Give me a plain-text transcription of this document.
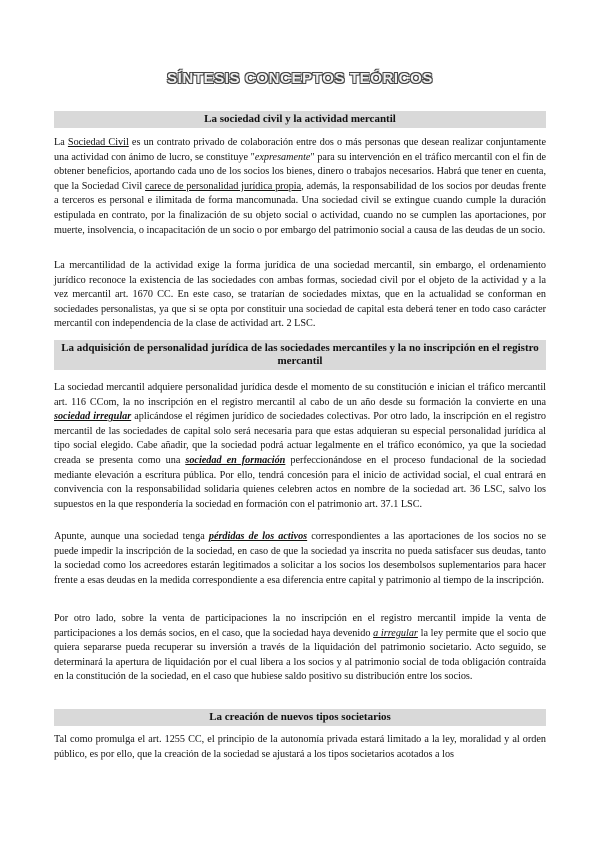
SÍNTESIS CONCEPTOS TEÓRICOS
La sociedad civil y la actividad mercantil

La Sociedad Civil es un contrato privado de colaboración entre dos o más personas que desean realizar conjuntamente una actividad con ánimo de lucro, se constituye "expresamente" para su intervención en el tráfico mercantil con el fin de obtener beneficios, aportando cada uno de los socios los bienes, dinero o trabajos necesarios. Habrá que tener en cuenta, que la Sociedad Civil carece de personalidad jurídica propia, además, la responsabilidad de los socios por deudas frente a terceros es personal e ilimitada de forma mancomunada. Una sociedad civil se extingue cuando cumple la duración estipulada en contrato, por la finalización de su objeto social o actividad, cuando no se cumplen las aportaciones, por muerte, insolvencia, o incapacitación de un socio o por embargo del patrimonio social a causa de las deudas de un socio.

La mercantilidad de la actividad exige la forma jurídica de una sociedad mercantil, sin embargo, el ordenamiento jurídico reconoce la existencia de las sociedades con ambas formas, sociedad civil por el objeto de la actividad y a la vez mercantil art. 1670 CC. En este caso, se tratarían de sociedades mixtas, que en la actualidad se conforman en sociedades personalistas, ya que si se opta por constituir una sociedad de capital esta deberá tener en todo caso carácter mercantil con independencia de la clase de actividad art. 2 LSC.

La adquisición de personalidad jurídica de las sociedades mercantiles y la no inscripción en el registro mercantil

La sociedad mercantil adquiere personalidad jurídica desde el momento de su constitución e inician el tráfico mercantil art. 116 CCom, la no inscripción en el registro mercantil al cabo de un año desde su formación la convierte en una sociedad irregular aplicándose el régimen jurídico de sociedades colectivas. Por otro lado, la inscripción en el registro mercantil de las sociedades de capital solo será necesaria para que estas adquieran su especial personalidad jurídica al tipo social elegido. Cabe añadir, que la sociedad podrá actuar legalmente en el tráfico económico, ya que la sociedad creada se presenta como una sociedad en formación perfeccionándose en el proceso fundacional de la sociedad mediante elevación a escritura pública. Por ello, tendrá concesión para el inicio de actividad social, el cual entrará en convivencia con la responsabilidad solidaria quienes celebren actos en nombre de la sociedad art. 36 LSC, salvo los supuestos en la que respondería la sociedad en formación con el patrimonio art. 37.1 LSC.

Apunte, aunque una sociedad tenga pérdidas de los activos correspondientes a las aportaciones de los socios no se puede impedir la inscripción de la sociedad, en caso de que la sociedad ya inscrita no pueda satisfacer sus deudas, tanto la sociedad como los acreedores estarán legitimados a solicitar a los socios los desembolsos suplementarios para hacer frente a esas deudas en la medida correspondiente a esa diferencia entre capital y patrimonio al tiempo de la inscripción.

Por otro lado, sobre la venta de participaciones la no inscripción en el registro mercantil impide la venta de participaciones a los demás socios, en el caso, que la sociedad haya devenido a irregular la ley permite que el socio que quiera separarse pueda recuperar su inversión a través de la liquidación del patrimonio societario. Acto seguido, se determinará la apertura de liquidación por el cual libera a los socios y al patrimonio social de toda obligación contraída en la constitución de la sociedad, en el caso que hubiese saldo positivo su distribución entre los socios.

La creación de nuevos tipos societarios

Tal como promulga el art. 1255 CC, el principio de la autonomía privada estará limitado a la ley, moralidad y al orden público, es por ello, que la creación de la sociedad se ajustará a los tipos societarios acotados a los
